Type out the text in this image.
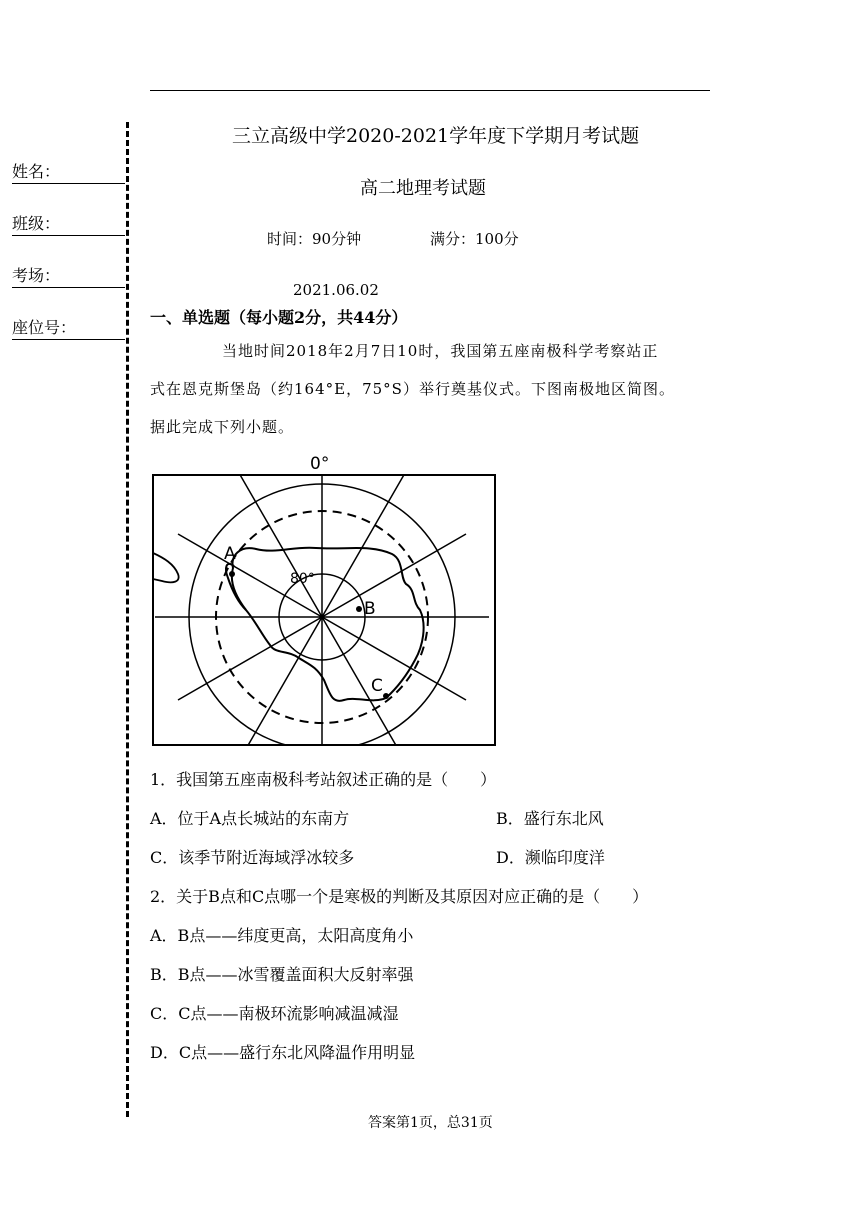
姓名：
班级：
考场：
座位号：
三立高级中学2020-2021学年度下学期月考试题
高二地理考试题
时间：90分钟	满分：100分
2021.06.02
一、单选题（每小题2分，共44分）
当地时间2018年2月7日10时，我国第五座南极科学考察站正
式在恩克斯堡岛（约164°E，75°S）举行奠基仪式。下图南极地区简图。
据此完成下列小题。
0°
A
80°
B
C
1．我国第五座南极科考站叙述正确的是（　　）
A．位于A点长城站的东南方	B．盛行东北风
C．该季节附近海域浮冰较多	D．濒临印度洋
2．关于B点和C点哪一个是寒极的判断及其原因对应正确的是（　　）
A．B点——纬度更高，太阳高度角小
B．B点——冰雪覆盖面积大反射率强
C．C点——南极环流影响减温减湿
D．C点——盛行东北风降温作用明显
答案第1页，总31页
